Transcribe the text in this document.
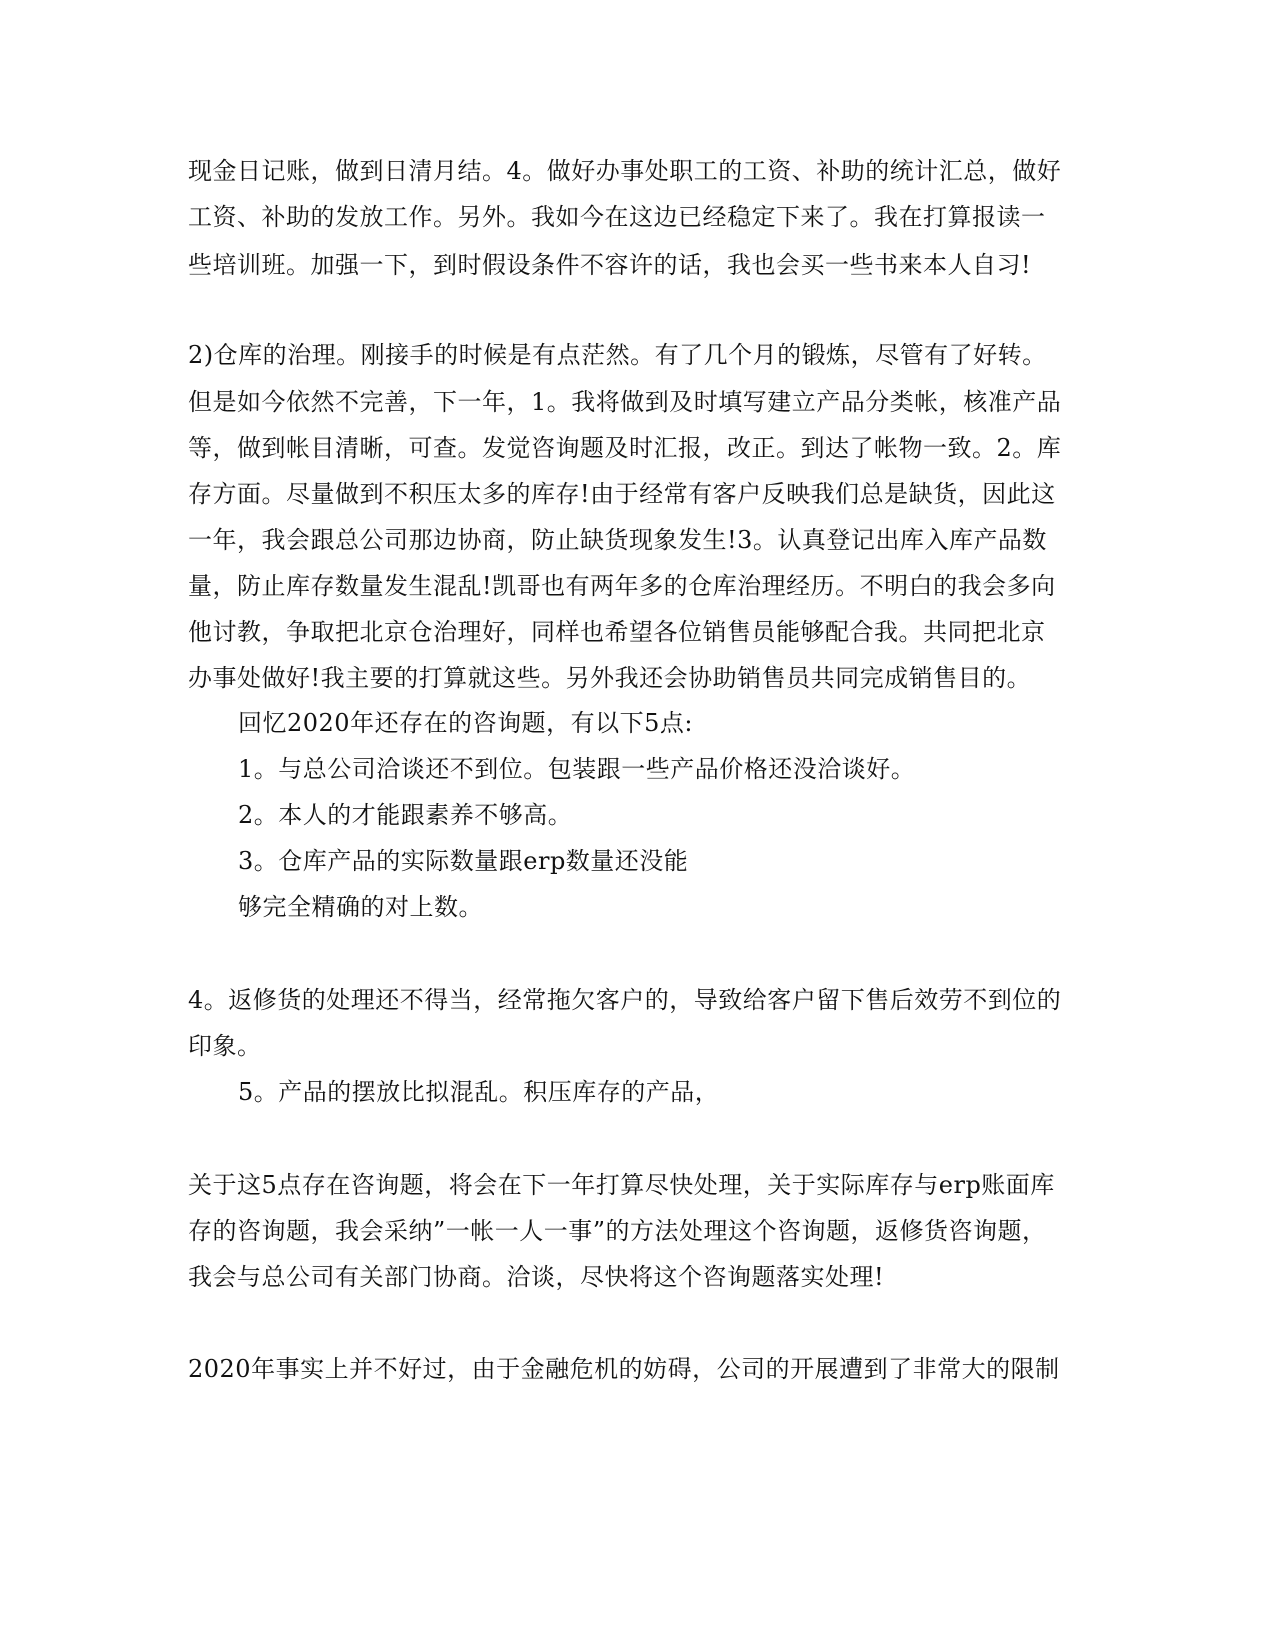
现金日记账，做到日清月结。4。做好办事处职工的工资、补助的统计汇总，做好
工资、补助的发放工作。另外。我如今在这边已经稳定下来了。我在打算报读一
些培训班。加强一下，到时假设条件不容许的话，我也会买一些书来本人自习!
2)仓库的治理。刚接手的时候是有点茫然。有了几个月的锻炼，尽管有了好转。
但是如今依然不完善，下一年，1。我将做到及时填写建立产品分类帐，核准产品
等，做到帐目清晰，可查。发觉咨询题及时汇报，改正。到达了帐物一致。2。库
存方面。尽量做到不积压太多的库存!由于经常有客户反映我们总是缺货，因此这
一年，我会跟总公司那边协商，防止缺货现象发生!3。认真登记出库入库产品数
量，防止库存数量发生混乱!凯哥也有两年多的仓库治理经历。不明白的我会多向
他讨教，争取把北京仓治理好，同样也希望各位销售员能够配合我。共同把北京
办事处做好!我主要的打算就这些。另外我还会协助销售员共同完成销售目的。
回忆2020年还存在的咨询题，有以下5点:
1。与总公司洽谈还不到位。包装跟一些产品价格还没洽谈好。
2。本人的才能跟素养不够高。
3。仓库产品的实际数量跟erp数量还没能
够完全精确的对上数。
4。返修货的处理还不得当，经常拖欠客户的，导致给客户留下售后效劳不到位的
印象。
5。产品的摆放比拟混乱。积压库存的产品，
关于这5点存在咨询题，将会在下一年打算尽快处理，关于实际库存与erp账面库
存的咨询题，我会采纳”一帐一人一事”的方法处理这个咨询题，返修货咨询题，
我会与总公司有关部门协商。洽谈，尽快将这个咨询题落实处理!
2020年事实上并不好过，由于金融危机的妨碍，公司的开展遭到了非常大的限制
